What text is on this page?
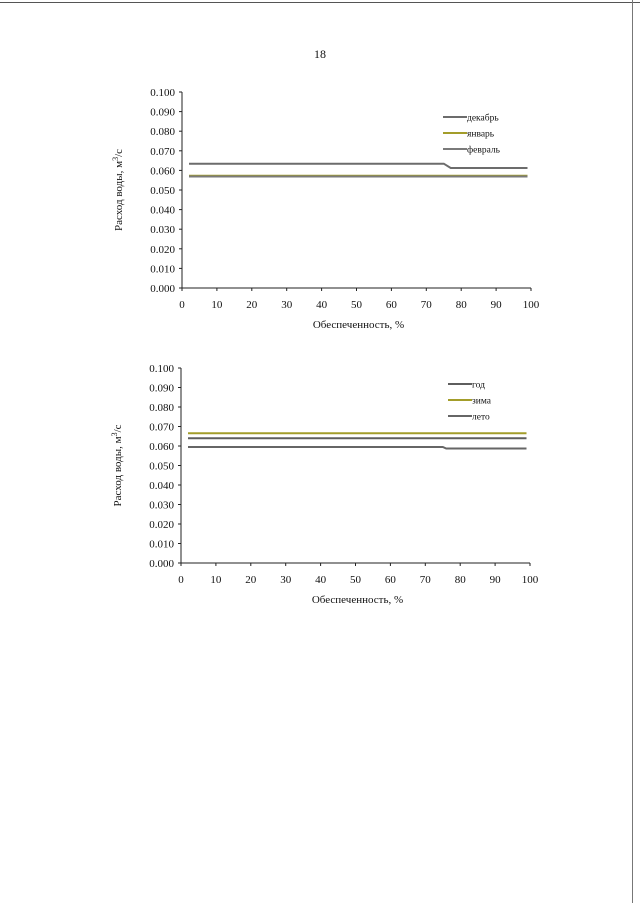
18
0.000
0.010
0.020
0.030
0.040
0.050
0.060
0.070
0.080
0.090
0.100
0 10 20 30 40 50 60 70 80 90 100
Обеспеченность, %
Расход воды, $м^3/с$
декабрь
январь
февраль
0.000
0.010
0.020
0.030
0.040
0.050
0.060
0.070
0.080
0.090
0.100
0 10 20 30 40 50 60 70 80 90 100
Обеспеченность, %
Расход воды, $м^3/с$
год
зима
лето
